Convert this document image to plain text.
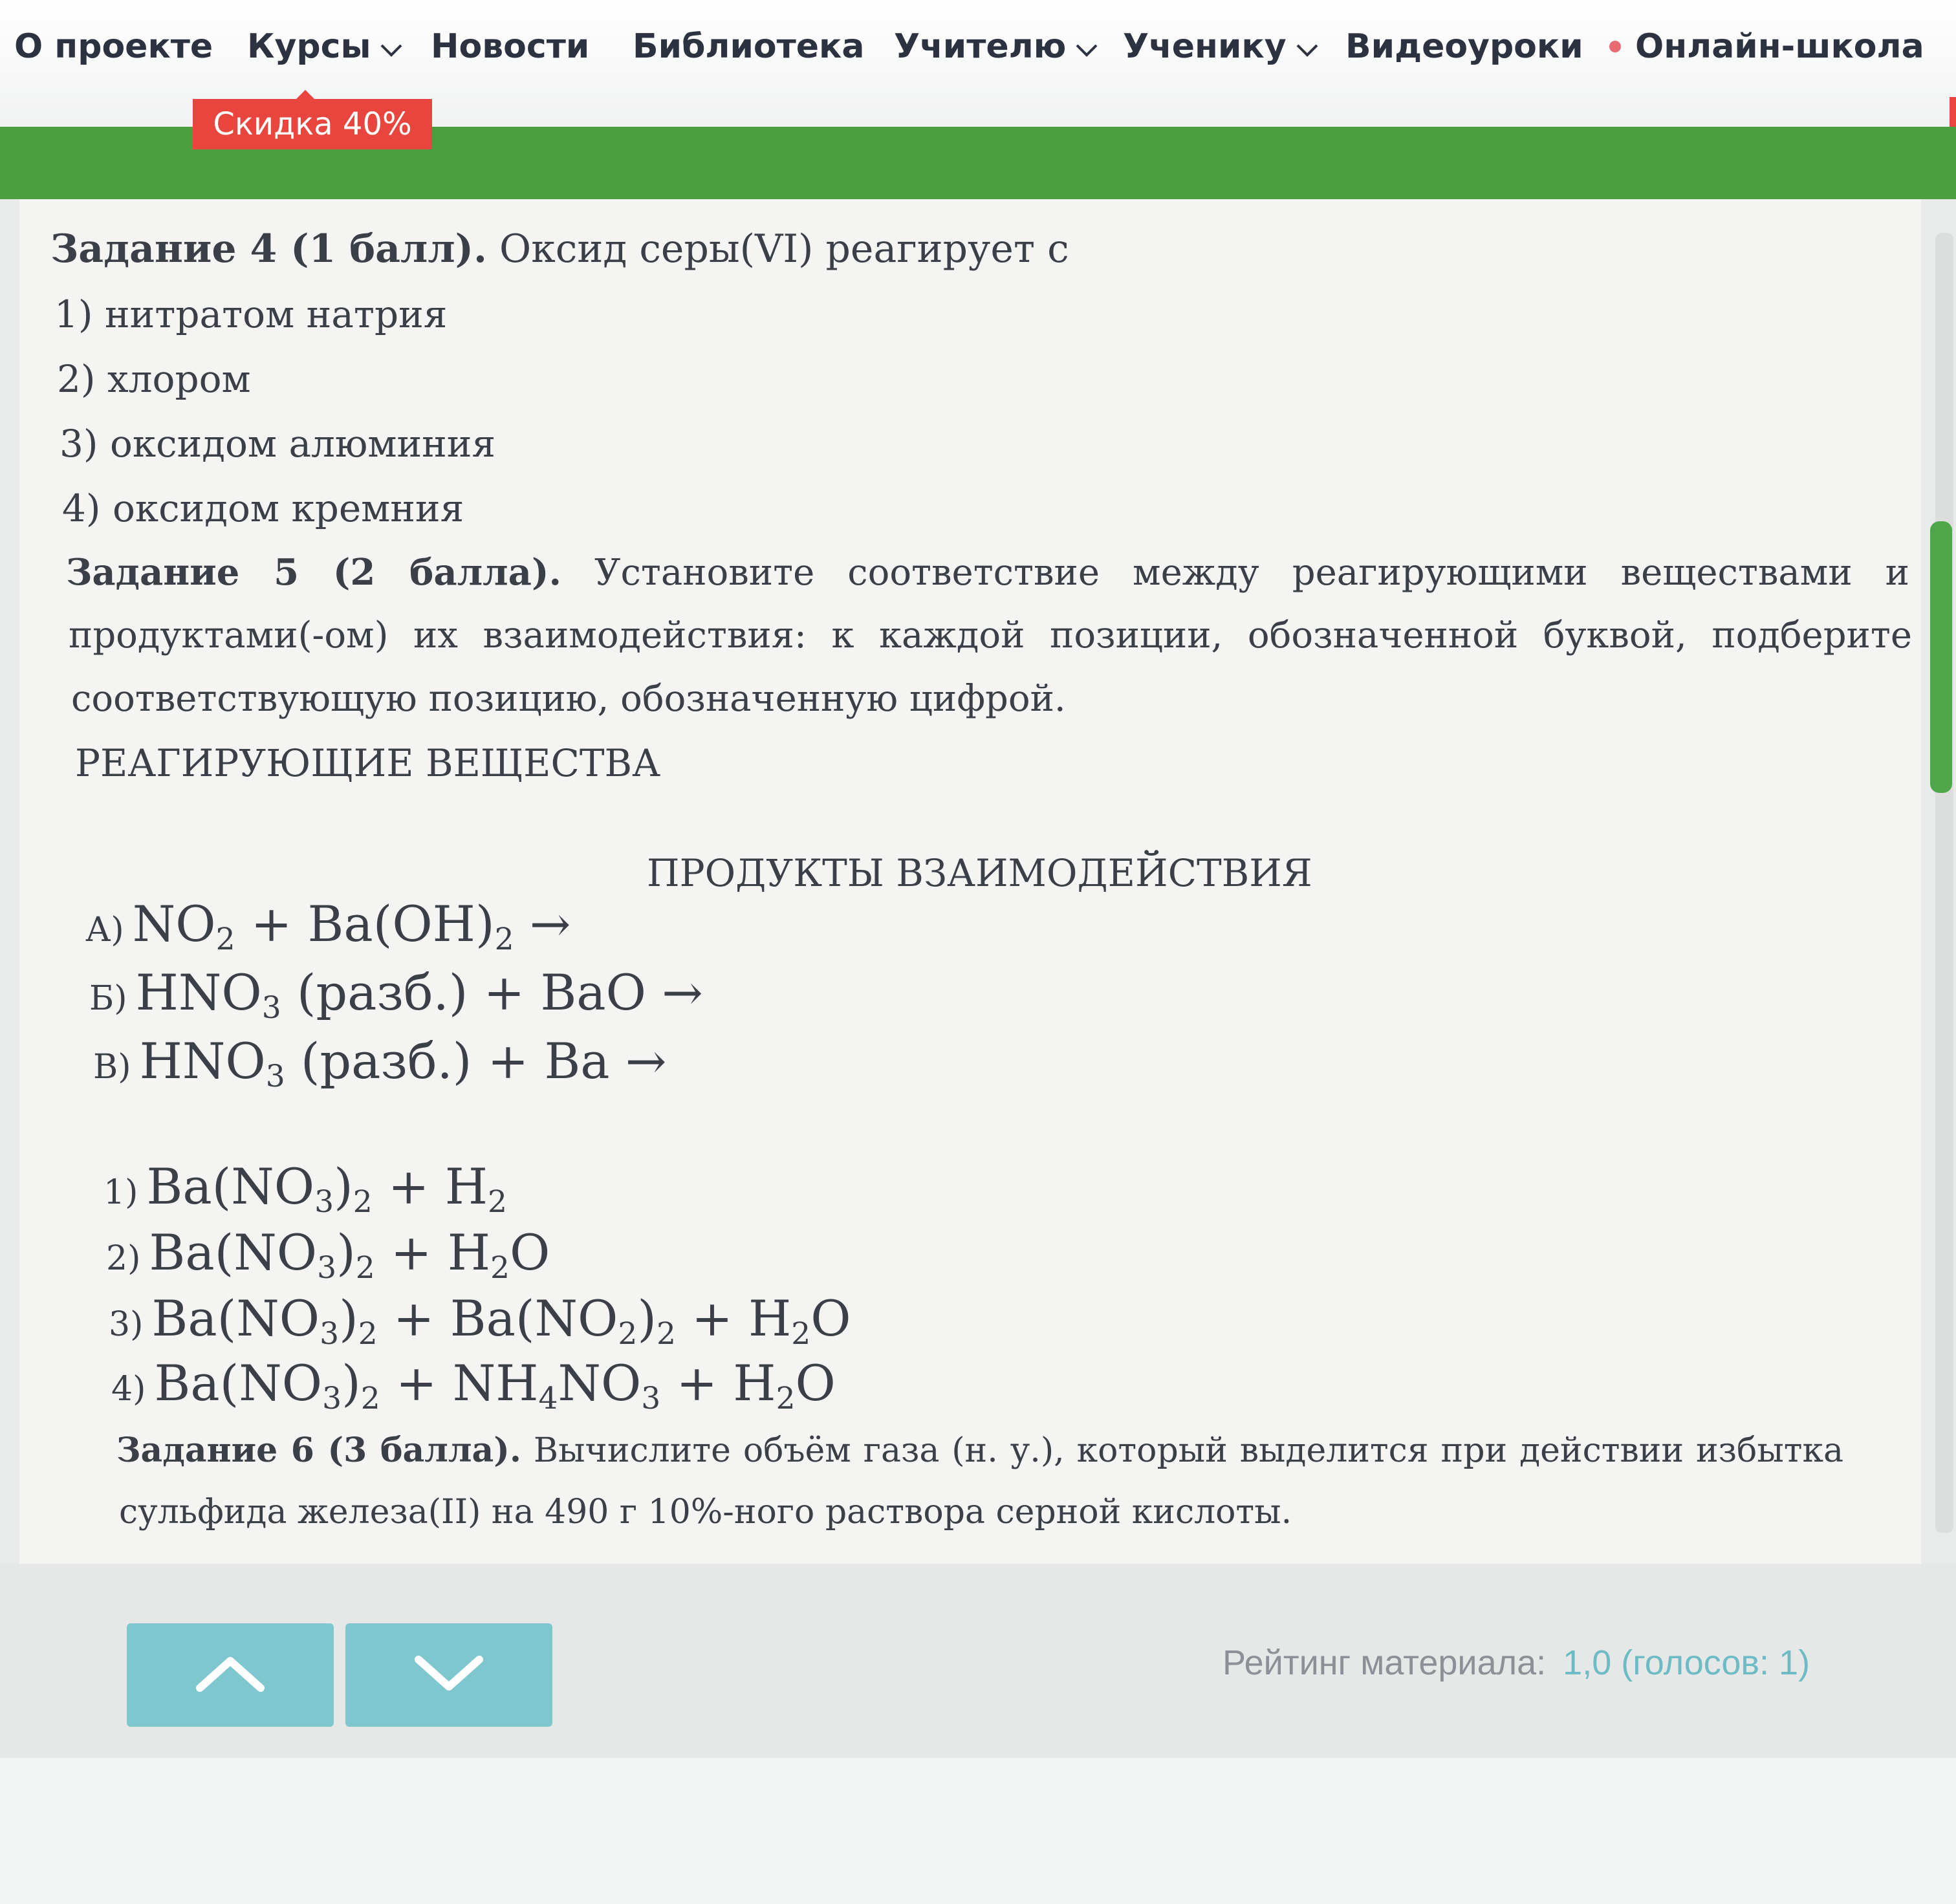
О проекте Курсы Новости Библиотека Учителю Ученику Видеоуроки Онлайн-школа
Скидка 40%
Задание 4 (1 балл). Оксид серы(VI) реагирует с
1) нитратом натрия
2) хлором
3) оксидом алюминия
4) оксидом кремния
Задание 5 (2 балла). Установите соответствие между реагирующими веществами и
продуктами(-ом) их взаимодействия: к каждой позиции, обозначенной буквой, подберите
соответствующую позицию, обозначенную цифрой.
РЕАГИРУЮЩИЕ ВЕЩЕСТВА
ПРОДУКТЫ ВЗАИМОДЕЙСТВИЯ
А) $NO_2 + Ba(OH)_2$ →
Б) $HNO_3$ (разб.) + BaO →
В) $HNO_3$ (разб.) + Ba →
1) $Ba(NO_3)_2 + H_2$
2) $Ba(NO_3)_2 + H_2O$
3) $Ba(NO_3)_2 + Ba(NO_2)_2 + H_2O$
4) $Ba(NO_3)_2 + NH_4NO_3 + H_2O$
Задание 6 (3 балла). Вычислите объём газа (н. у.), который выделится при действии избытка
сульфида железа(II) на 490 г 10%-ного раствора серной кислоты.
Рейтинг материала: 1,0 (голосов: 1)
